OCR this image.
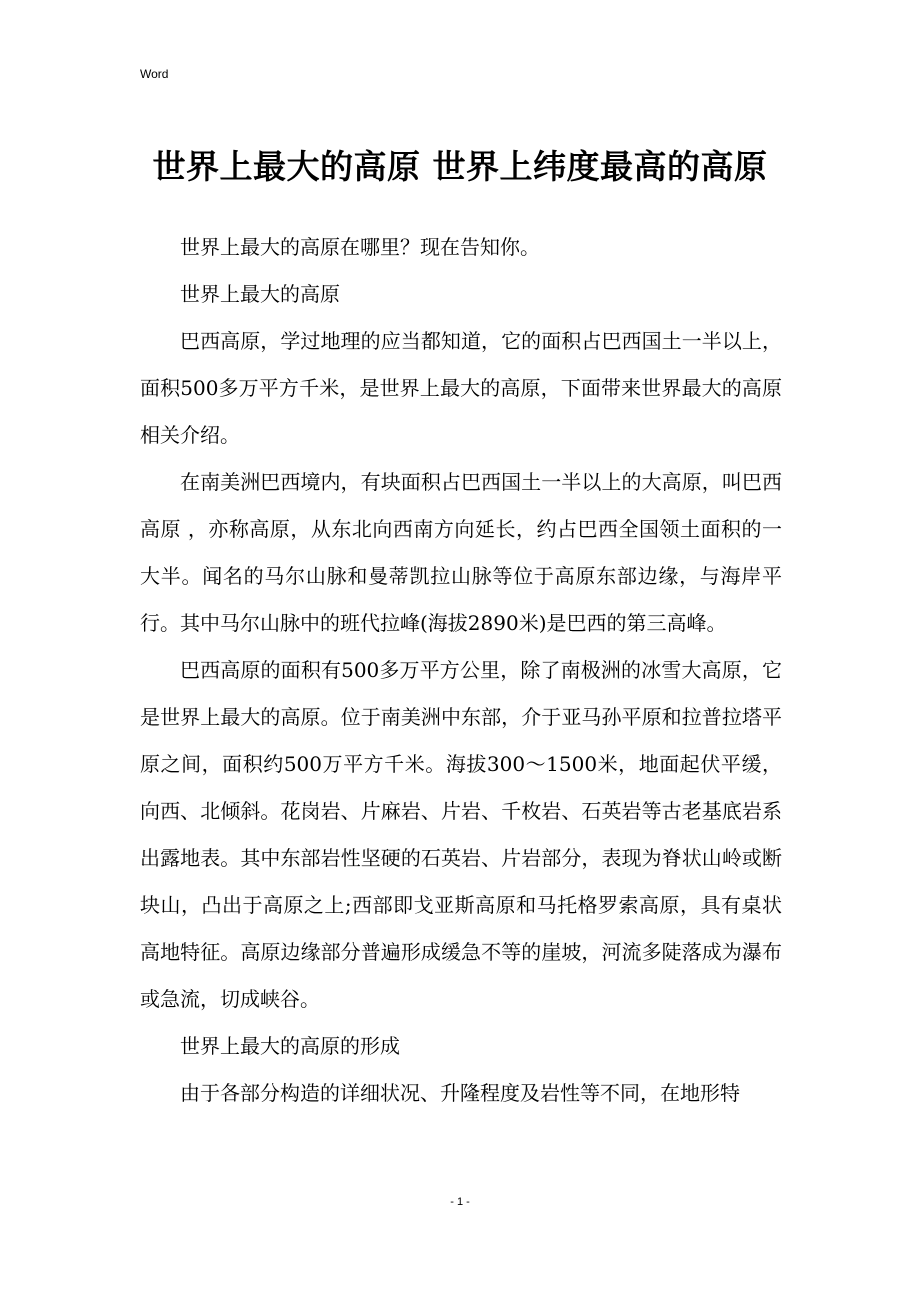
Word
世界上最大的高原 世界上纬度最高的高原

世界上最大的高原在哪里？现在告知你。

世界上最大的高原

巴西高原，学过地理的应当都知道，它的面积占巴西国土一半以上，面积500多万平方千米，是世界上最大的高原，下面带来世界最大的高原相关介绍。

在南美洲巴西境内，有块面积占巴西国土一半以上的大高原，叫巴西高原 ，亦称高原，从东北向西南方向延长，约占巴西全国领土面积的一大半。闻名的马尔山脉和曼蒂凯拉山脉等位于高原东部边缘，与海岸平行。其中马尔山脉中的班代拉峰(海拔2890米)是巴西的第三高峰。

巴西高原的面积有500多万平方公里，除了南极洲的冰雪大高原，它是世界上最大的高原。位于南美洲中东部，介于亚马孙平原和拉普拉塔平原之间，面积约500万平方千米。海拔300～1500米，地面起伏平缓，向西、北倾斜。花岗岩、片麻岩、片岩、千枚岩、石英岩等古老基底岩系出露地表。其中东部岩性坚硬的石英岩、片岩部分，表现为脊状山岭或断块山，凸出于高原之上;西部即戈亚斯高原和马托格罗索高原，具有桌状高地特征。高原边缘部分普遍形成缓急不等的崖坡，河流多陡落成为瀑布或急流，切成峡谷。

世界上最大的高原的形成

由于各部分构造的详细状况、升隆程度及岩性等不同，在地形特

- 1 -
